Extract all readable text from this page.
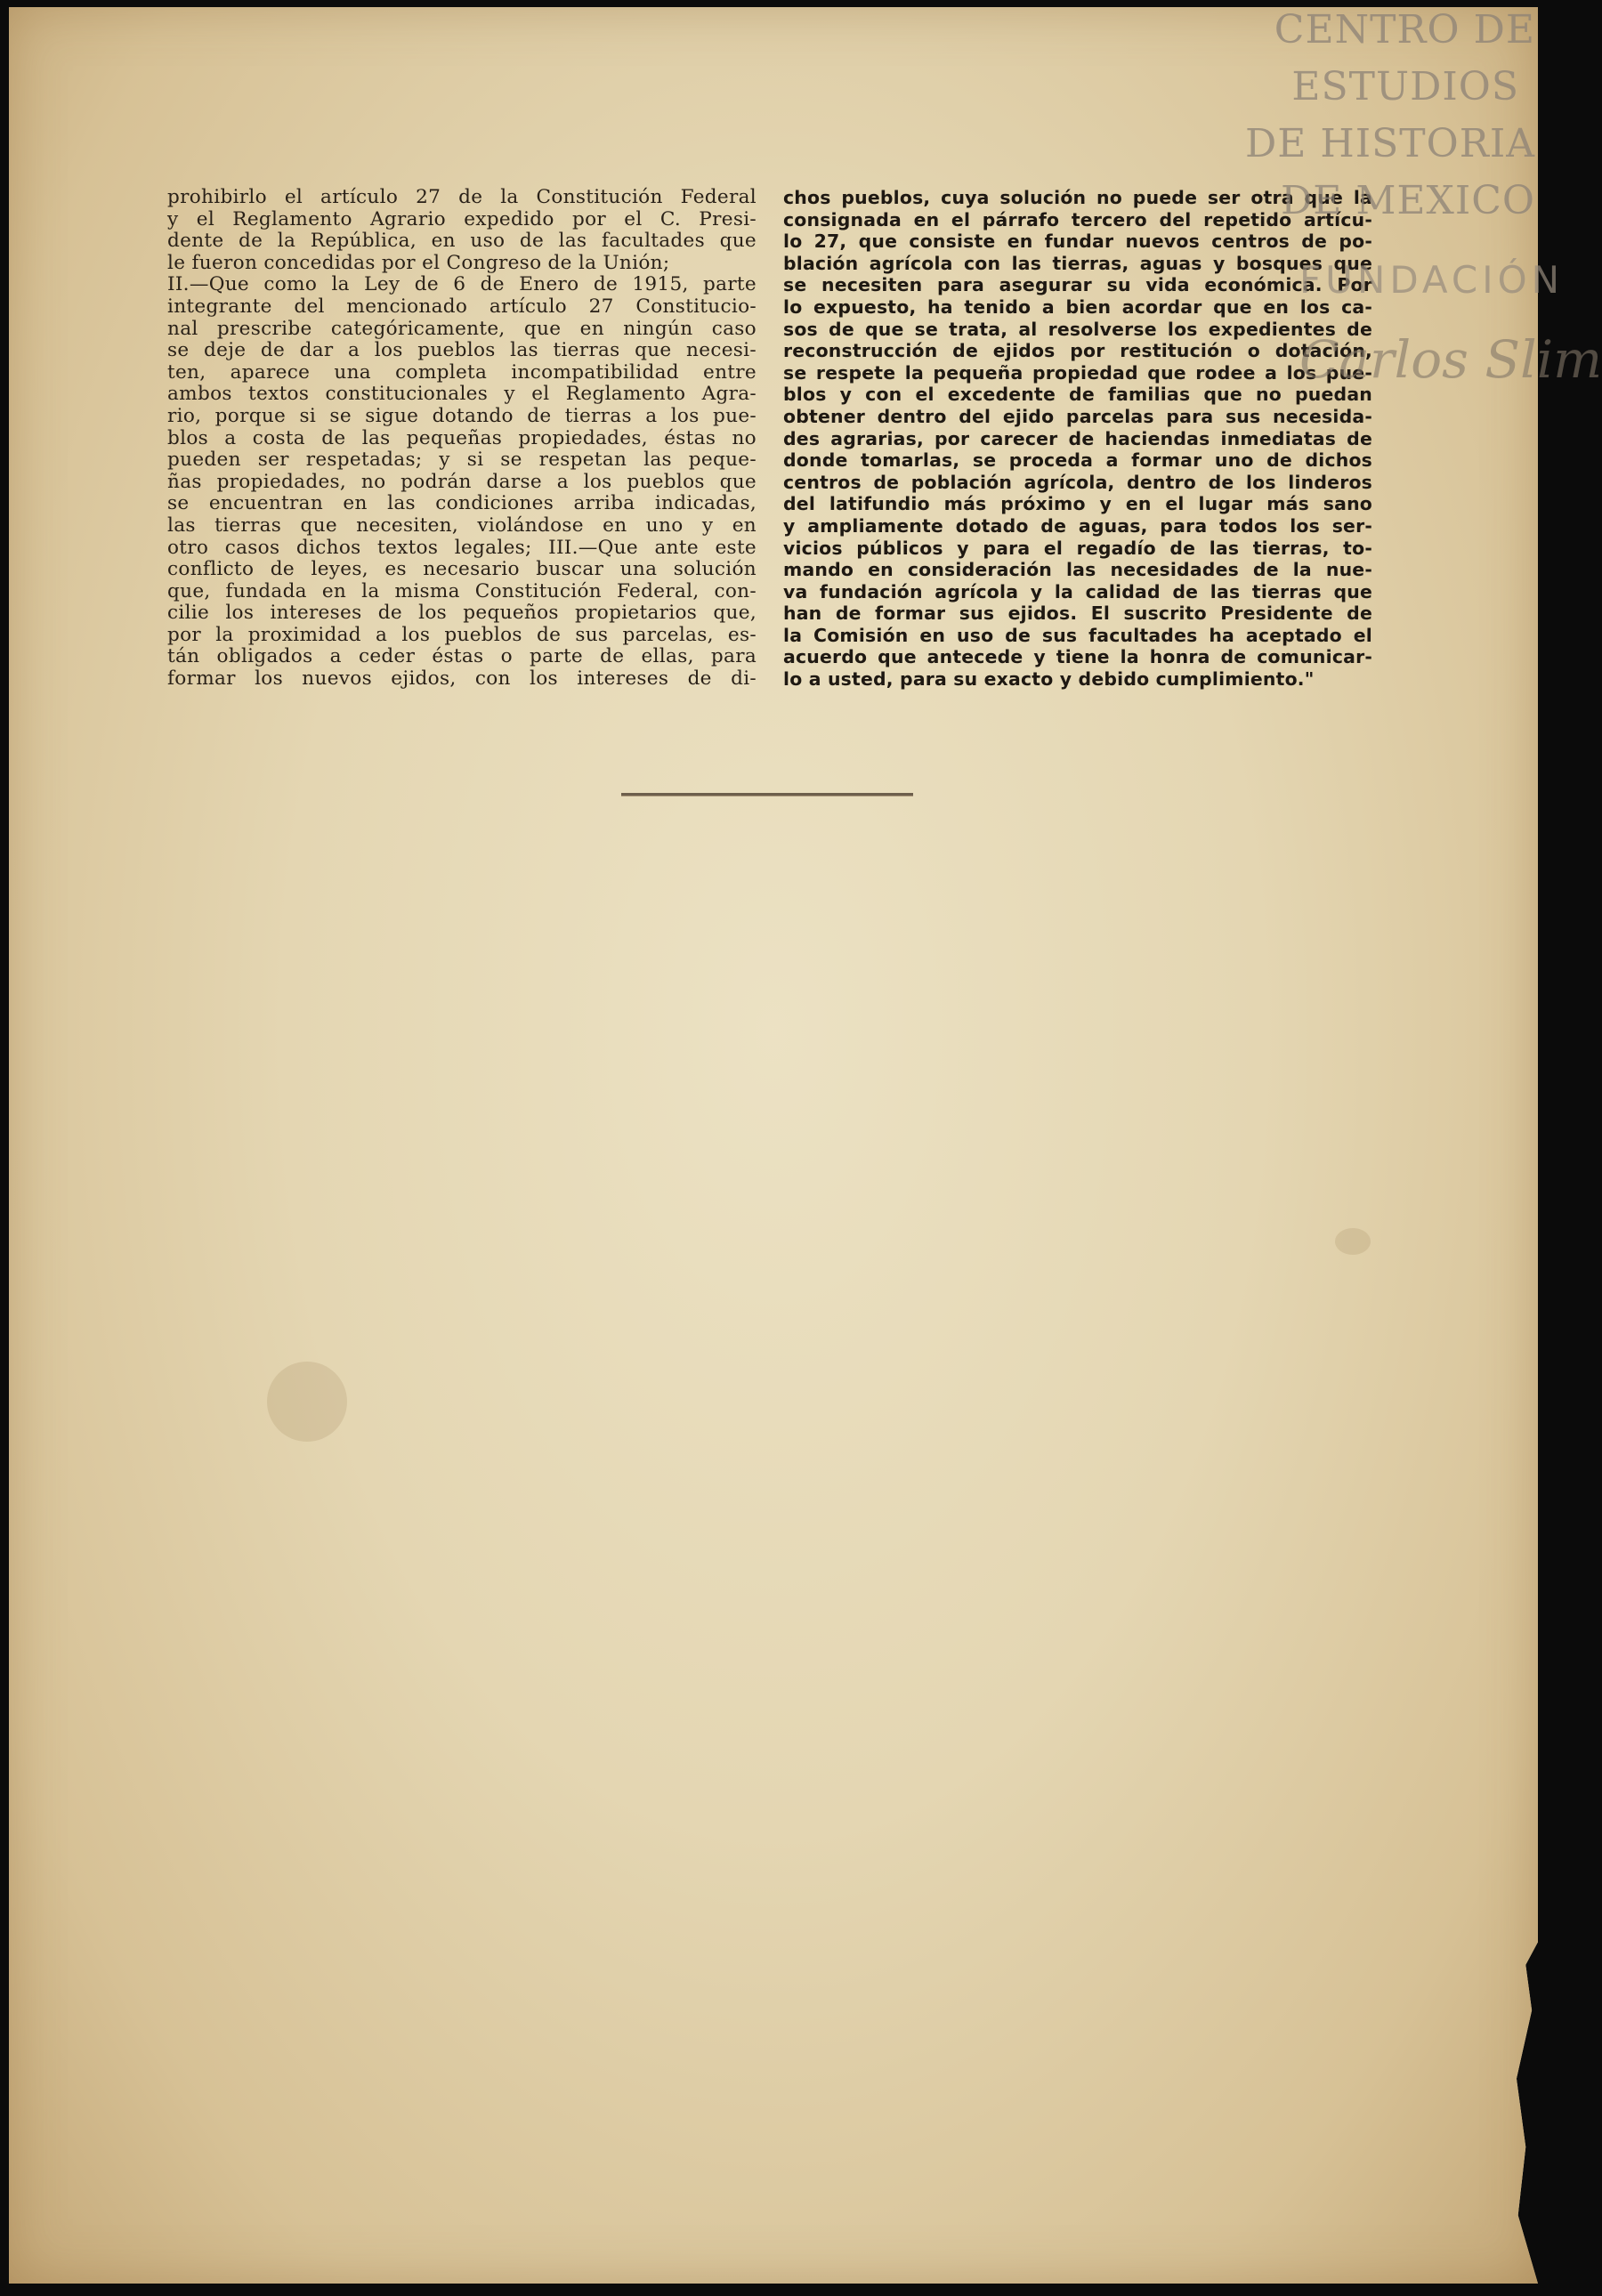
prohibirlo el artículo 27 de la Constitución Federal
y el Reglamento Agrario expedido por el C. Presi-
dente de la República, en uso de las facultades que
le fueron concedidas por el Congreso de la Unión;
II.—Que como la Ley de 6 de Enero de 1915, parte
integrante del mencionado artículo 27 Constitucio-
nal prescribe categóricamente, que en ningún caso
se deje de dar a los pueblos las tierras que necesi-
ten, aparece una completa incompatibilidad entre
ambos textos constitucionales y el Reglamento Agra-
rio, porque si se sigue dotando de tierras a los pue-
blos a costa de las pequeñas propiedades, éstas no
pueden ser respetadas; y si se respetan las peque-
ñas propiedades, no podrán darse a los pueblos que
se encuentran en las condiciones arriba indicadas,
las tierras que necesiten, violándose en uno y en
otro casos dichos textos legales; III.—Que ante este
conflicto de leyes, es necesario buscar una solución
que, fundada en la misma Constitución Federal, con-
cilie los intereses de los pequeños propietarios que,
por la proximidad a los pueblos de sus parcelas, es-
tán obligados a ceder éstas o parte de ellas, para
formar los nuevos ejidos, con los intereses de di-
chos pueblos, cuya solución no puede ser otra que la
consignada en el párrafo tercero del repetido artícu-
lo 27, que consiste en fundar nuevos centros de po-
blación agrícola con las tierras, aguas y bosques que
se necesiten para asegurar su vida económica. Por
lo expuesto, ha tenido a bien acordar que en los ca-
sos de que se trata, al resolverse los expedientes de
reconstrucción de ejidos por restitución o dotación,
se respete la pequeña propiedad que rodee a los pue-
blos y con el excedente de familias que no puedan
obtener dentro del ejido parcelas para sus necesida-
des agrarias, por carecer de haciendas inmediatas de
donde tomarlas, se proceda a formar uno de dichos
centros de población agrícola, dentro de los linderos
del latifundio más próximo y en el lugar más sano
y ampliamente dotado de aguas, para todos los ser-
vicios públicos y para el regadío de las tierras, to-
mando en consideración las necesidades de la nue-
va fundación agrícola y la calidad de las tierras que
han de formar sus ejidos. El suscrito Presidente de
la Comisión en uso de sus facultades ha aceptado el
acuerdo que antecede y tiene la honra de comunicar-
lo a usted, para su exacto y debido cumplimiento."
CENTRO DE
ESTUDIOS
DE HISTORIA
DE MEXICO
FUNDACIÓN
Carlos Slim
